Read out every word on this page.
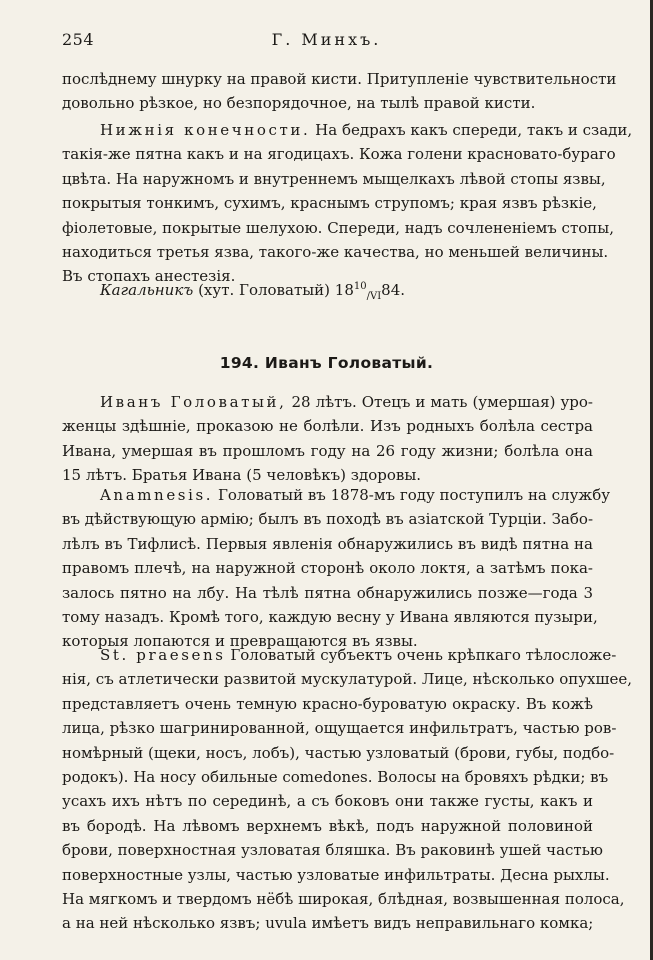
254	Г. Минхъ.
послѣднему шнурку на правой кисти. Притупленіе чувствительности
довольно рѣзкое, но безпорядочное, на тылѣ правой кисти.
Нижнія конечности. На бедрахъ какъ спереди, такъ и сзади,
такія-же пятна какъ и на ягодицахъ. Кожа голени красновато-бураго
цвѣта. На наружномъ и внутреннемъ мыщелкахъ лѣвой стопы язвы,
покрытыя тонкимъ, сухимъ, краснымъ струпомъ; края язвъ рѣзкіе,
фіолетовые, покрытые шелухою. Спереди, надъ сочлененіемъ стопы,
находиться третья язва, такого-же качества, но меньшей величины.
Въ стопахъ анестезія.
Кагальникъ (хут. Головатый) $18^{10}_{/VI}84$.
194. Иванъ Головатый.
Иванъ Головатый, 28 лѣтъ. Отецъ и мать (умершая) уро-
женцы здѣшніе, проказою не болѣли. Изъ родныхъ болѣла сестра
Ивана, умершая въ прошломъ году на 26 году жизни; болѣла она
15 лѣтъ. Братья Ивана (5 человѣкъ) здоровы.
Anamnesis. Головатый въ 1878-мъ году поступилъ на службу
въ дѣйствующую армію; былъ въ походѣ въ азіатской Турціи. Забо-
лѣлъ въ Тифлисѣ. Первыя явленія обнаружились въ видѣ пятна на
правомъ плечѣ, на наружной сторонѣ около локтя, а затѣмъ пока-
залось пятно на лбу. На тѣлѣ пятна обнаружились позже—года 3
тому назадъ. Кромѣ того, каждую весну у Ивана являются пузыри,
которыя лопаются и превращаются въ язвы.
St. praesens Головатый субъектъ очень крѣпкаго тѣлосложе-
нія, съ атлетически развитой мускулатурой. Лице, нѣсколько опухшее,
представляетъ очень темную красно-буроватую окраску. Въ кожѣ
лица, рѣзко шагринированной, ощущается инфильтратъ, частью ров-
номѣрный (щеки, носъ, лобъ), частью узловатый (брови, губы, подбо-
родокъ). На носу обильные comedones. Волосы на бровяхъ рѣдки; въ
усахъ ихъ нѣтъ по серединѣ, а съ боковъ они также густы, какъ и
въ бородѣ. На лѣвомъ верхнемъ вѣкѣ, подъ наружной половиной
брови, поверхностная узловатая бляшка. Въ раковинѣ ушей частью
поверхностные узлы, частью узловатые инфильтраты. Десна рыхлы.
На мягкомъ и твердомъ нёбѣ широкая, блѣдная, возвышенная полоса,
а на ней нѣсколько язвъ; uvula имѣетъ видъ неправильнаго комка;
